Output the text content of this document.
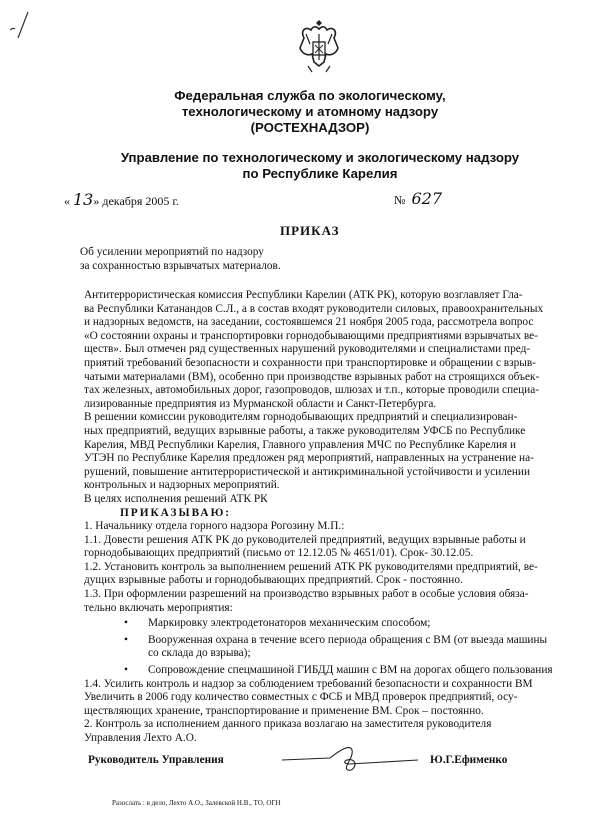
Федеральная служба по экологическому,
технологическому и атомному надзору
(РОСТЕХНАДЗОР)
Управление по технологическому и экологическому надзору
по Республике Карелия
« 13» декабря 2005 г.	№ 627
ПРИКАЗ
Об усилении мероприятий по надзору
за сохранностью взрывчатых материалов.
Антитеррористическая комиссия Республики Карелии (АТК РК), которую возглавляет Гла-
ва Республики Катанандов С.Л., а в состав входят руководители силовых, правоохранительных
и надзорных ведомств, на заседании, состоявшемся 21 ноября 2005 года, рассмотрела вопрос
«О состоянии охраны и транспортировки горнодобывающими предприятиями взрывчатых ве-
ществ». Был отмечен ряд существенных нарушений руководителями и специалистами пред-
приятий требований безопасности и сохранности при транспортировке и обращении с взрыв-
чатыми материалами (ВМ), особенно при производстве взрывных работ на строящихся объек-
тах железных, автомобильных дорог, газопроводов, шлюзах и т.п., которые проводили специа-
лизированные предприятия из Мурманской области и Санкт-Петербурга.
В решении комиссии руководителям горнодобывающих предприятий и специализирован-
ных предприятий, ведущих взрывные работы, а также руководителям УФСБ по Республике
Карелия, МВД Республики Карелия, Главного управления МЧС по Республике Карелия и
УТЭН по Республике Карелия предложен ряд мероприятий, направленных на устранение на-
рушений, повышение антитеррористической и антикриминальной устойчивости и усилении
контрольных и надзорных мероприятий.
В целях исполнения решений АТК РК
ПРИКАЗЫВАЮ:
1. Начальнику отдела горного надзора Рогозину М.П.:
1.1. Довести решения АТК РК до руководителей предприятий, ведущих взрывные работы и
горнодобывающих предприятий (письмо от 12.12.05 № 4651/01). Срок- 30.12.05.
1.2. Установить контроль за выполнением решений АТК РК руководителями предприятий, ве-
дущих взрывные работы и горнодобывающих предприятий. Срок - постоянно.
1.3. При оформлении разрешений на производство взрывных работ в особые условия обяза-
тельно включать мероприятия:
• Маркировку электродетонаторов механическим способом;
• Вооруженная охрана в течение всего периода обращения с ВМ (от выезда машины
со склада до взрыва);
• Сопровождение спецмашиной ГИБДД машин с ВМ на дорогах общего пользования
1.4. Усилить контроль и надзор за соблюдением требований безопасности и сохранности ВМ
Увеличить в 2006 году количество совместных с ФСБ и МВД проверок предприятий, осу-
ществляющих хранение, транспортирование и применение ВМ. Срок – постоянно.
2. Контроль за исполнением данного приказа возлагаю на заместителя руководителя
Управления Лехто А.О.
Руководитель Управления	Ю.Г.Ефименко
Разослать : в дело, Лехто А.О., Залевской Н.В., ТО, ОГН
